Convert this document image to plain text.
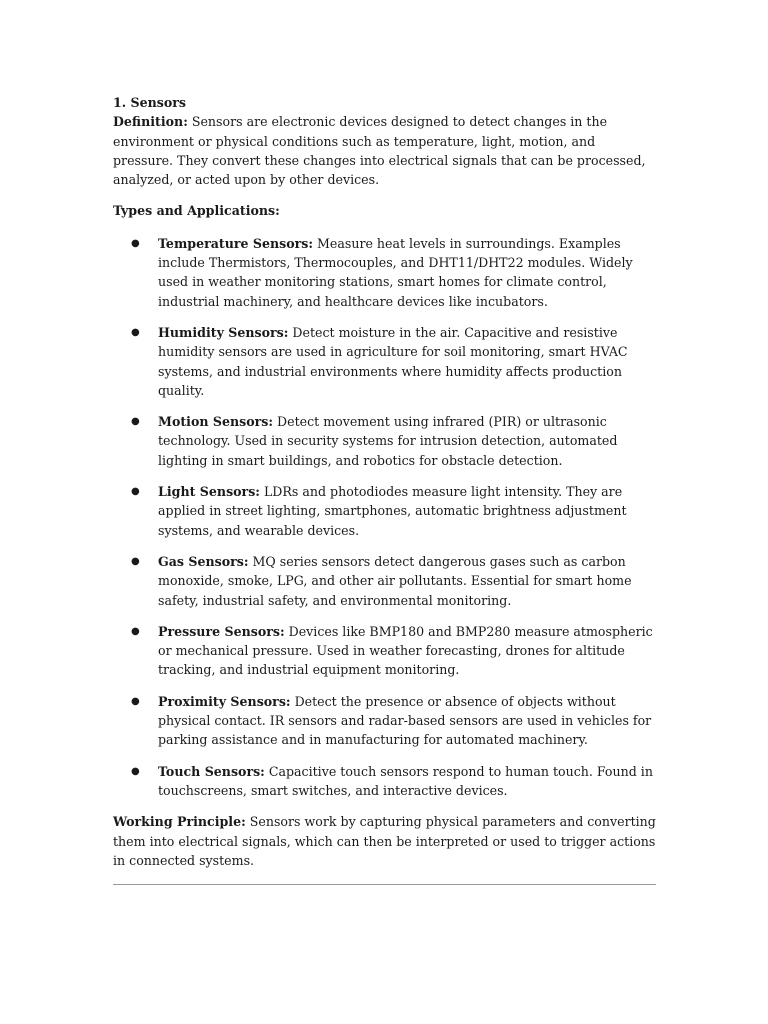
1. Sensors

Definition: Sensors are electronic devices designed to detect changes in the environment or physical conditions such as temperature, light, motion, and pressure. They convert these changes into electrical signals that can be processed, analyzed, or acted upon by other devices.

Types and Applications:

● Temperature Sensors: Measure heat levels in surroundings. Examples include Thermistors, Thermocouples, and DHT11/DHT22 modules. Widely used in weather monitoring stations, smart homes for climate control, industrial machinery, and healthcare devices like incubators.
● Humidity Sensors: Detect moisture in the air. Capacitive and resistive humidity sensors are used in agriculture for soil monitoring, smart HVAC systems, and industrial environments where humidity affects production quality.
● Motion Sensors: Detect movement using infrared (PIR) or ultrasonic technology. Used in security systems for intrusion detection, automated lighting in smart buildings, and robotics for obstacle detection.
● Light Sensors: LDRs and photodiodes measure light intensity. They are applied in street lighting, smartphones, automatic brightness adjustment systems, and wearable devices.
● Gas Sensors: MQ series sensors detect dangerous gases such as carbon monoxide, smoke, LPG, and other air pollutants. Essential for smart home safety, industrial safety, and environmental monitoring.
● Pressure Sensors: Devices like BMP180 and BMP280 measure atmospheric or mechanical pressure. Used in weather forecasting, drones for altitude tracking, and industrial equipment monitoring.
● Proximity Sensors: Detect the presence or absence of objects without physical contact. IR sensors and radar-based sensors are used in vehicles for parking assistance and in manufacturing for automated machinery.
● Touch Sensors: Capacitive touch sensors respond to human touch. Found in touchscreens, smart switches, and interactive devices.

Working Principle: Sensors work by capturing physical parameters and converting them into electrical signals, which can then be interpreted or used to trigger actions in connected systems.
